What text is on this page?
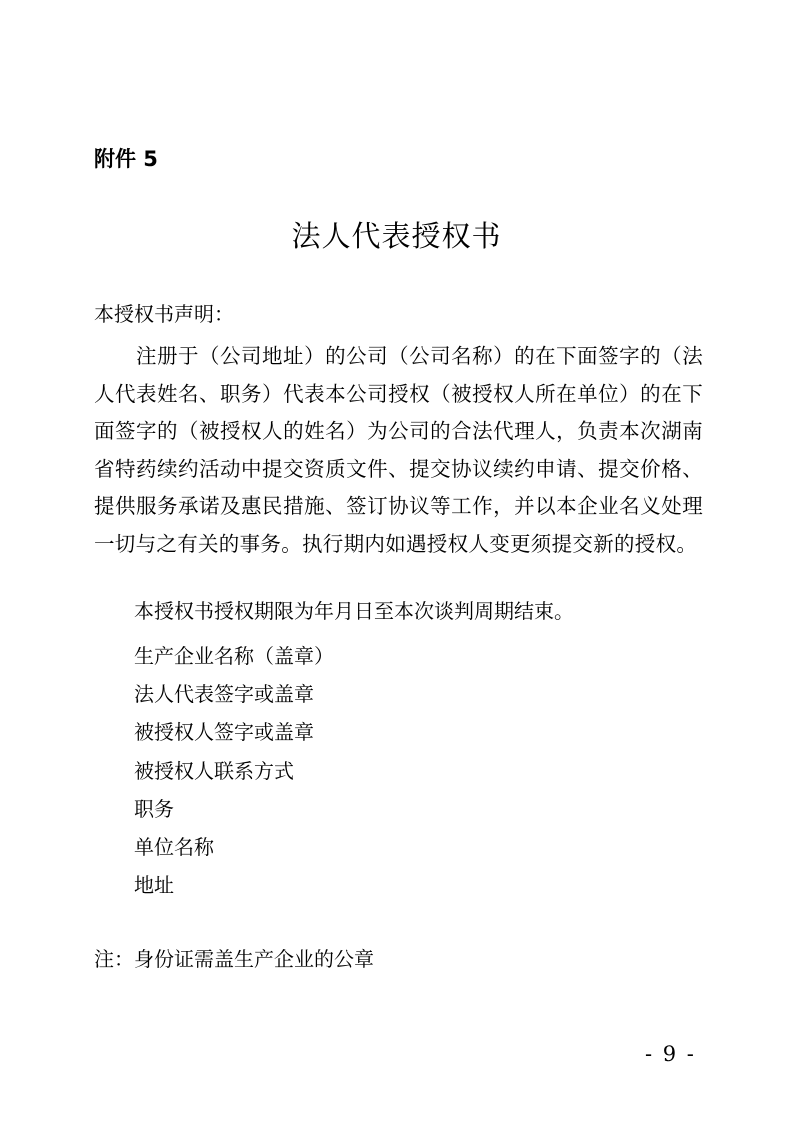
附件 5
法人代表授权书
本授权书声明：
注册于（公司地址）的公司（公司名称）的在下面签字的（法人代表姓名、职务）代表本公司授权（被授权人所在单位）的在下面签字的（被授权人的姓名）为公司的合法代理人，负责本次湖南省特药续约活动中提交资质文件、提交协议续约申请、提交价格、提供服务承诺及惠民措施、签订协议等工作，并以本企业名义处理一切与之有关的事务。执行期内如遇授权人变更须提交新的授权。
本授权书授权期限为年月日至本次谈判周期结束。
生产企业名称（盖章）
法人代表签字或盖章
被授权人签字或盖章
被授权人联系方式
职务
单位名称
地址
注：身份证需盖生产企业的公章
- 9 -
